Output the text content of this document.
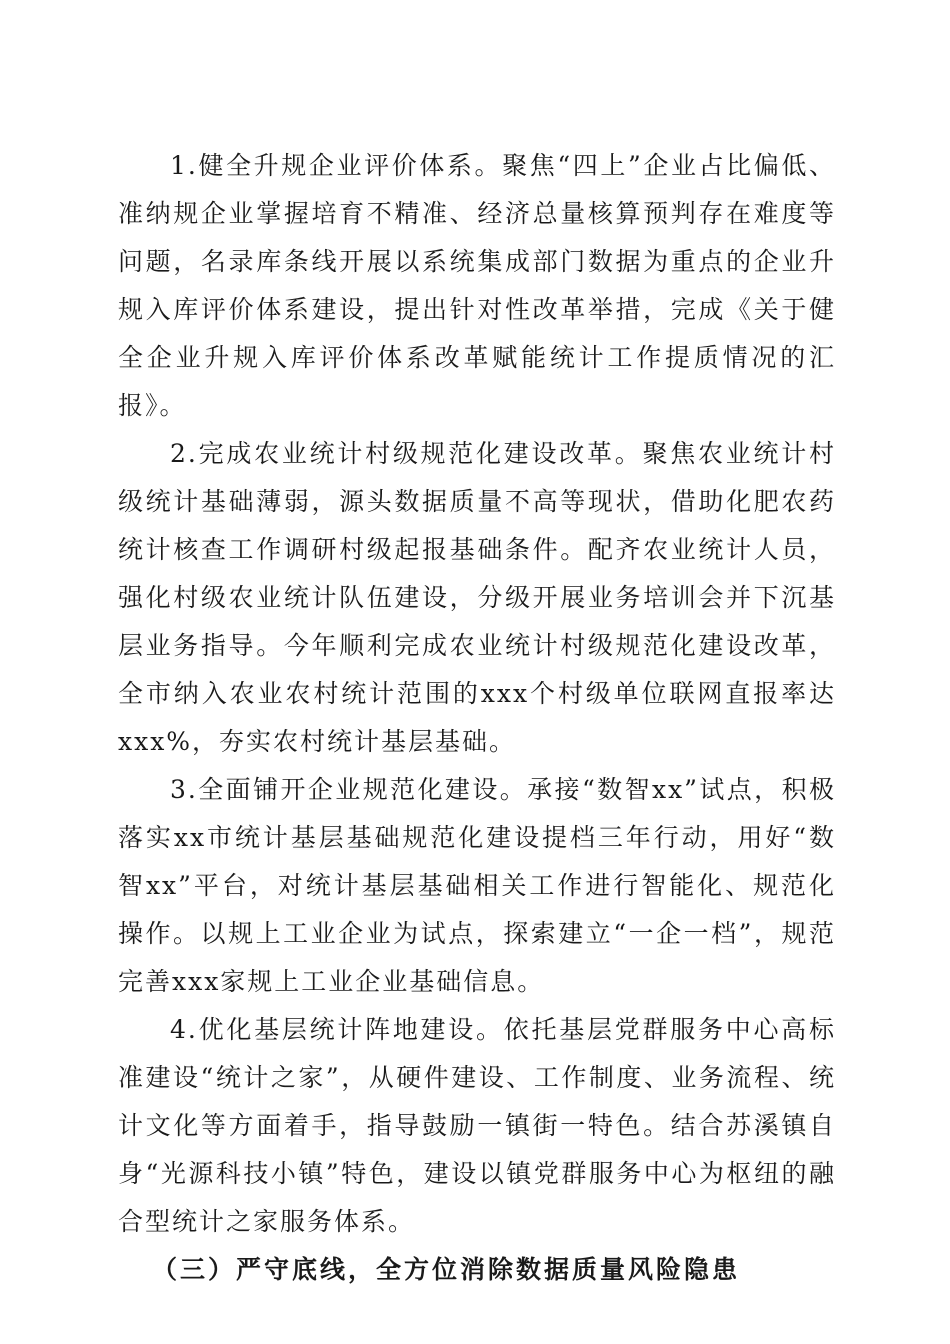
1.健全升规企业评价体系。聚焦“四上”企业占比偏低、准纳规企业掌握培育不精准、经济总量核算预判存在难度等问题，名录库条线开展以系统集成部门数据为重点的企业升规入库评价体系建设，提出针对性改革举措，完成《关于健全企业升规入库评价体系改革赋能统计工作提质情况的汇报》。

2.完成农业统计村级规范化建设改革。聚焦农业统计村级统计基础薄弱，源头数据质量不高等现状，借助化肥农药统计核查工作调研村级起报基础条件。配齐农业统计人员，强化村级农业统计队伍建设，分级开展业务培训会并下沉基层业务指导。今年顺利完成农业统计村级规范化建设改革，全市纳入农业农村统计范围的xxx个村级单位联网直报率达xxx%，夯实农村统计基层基础。

3.全面铺开企业规范化建设。承接“数智xx”试点，积极落实xx市统计基层基础规范化建设提档三年行动，用好“数智xx”平台，对统计基层基础相关工作进行智能化、规范化操作。以规上工业企业为试点，探索建立“一企一档”，规范完善xxx家规上工业企业基础信息。

4.优化基层统计阵地建设。依托基层党群服务中心高标准建设“统计之家”，从硬件建设、工作制度、业务流程、统计文化等方面着手，指导鼓励一镇街一特色。结合苏溪镇自身“光源科技小镇”特色，建设以镇党群服务中心为枢纽的融合型统计之家服务体系。

（三）严守底线，全方位消除数据质量风险隐患
